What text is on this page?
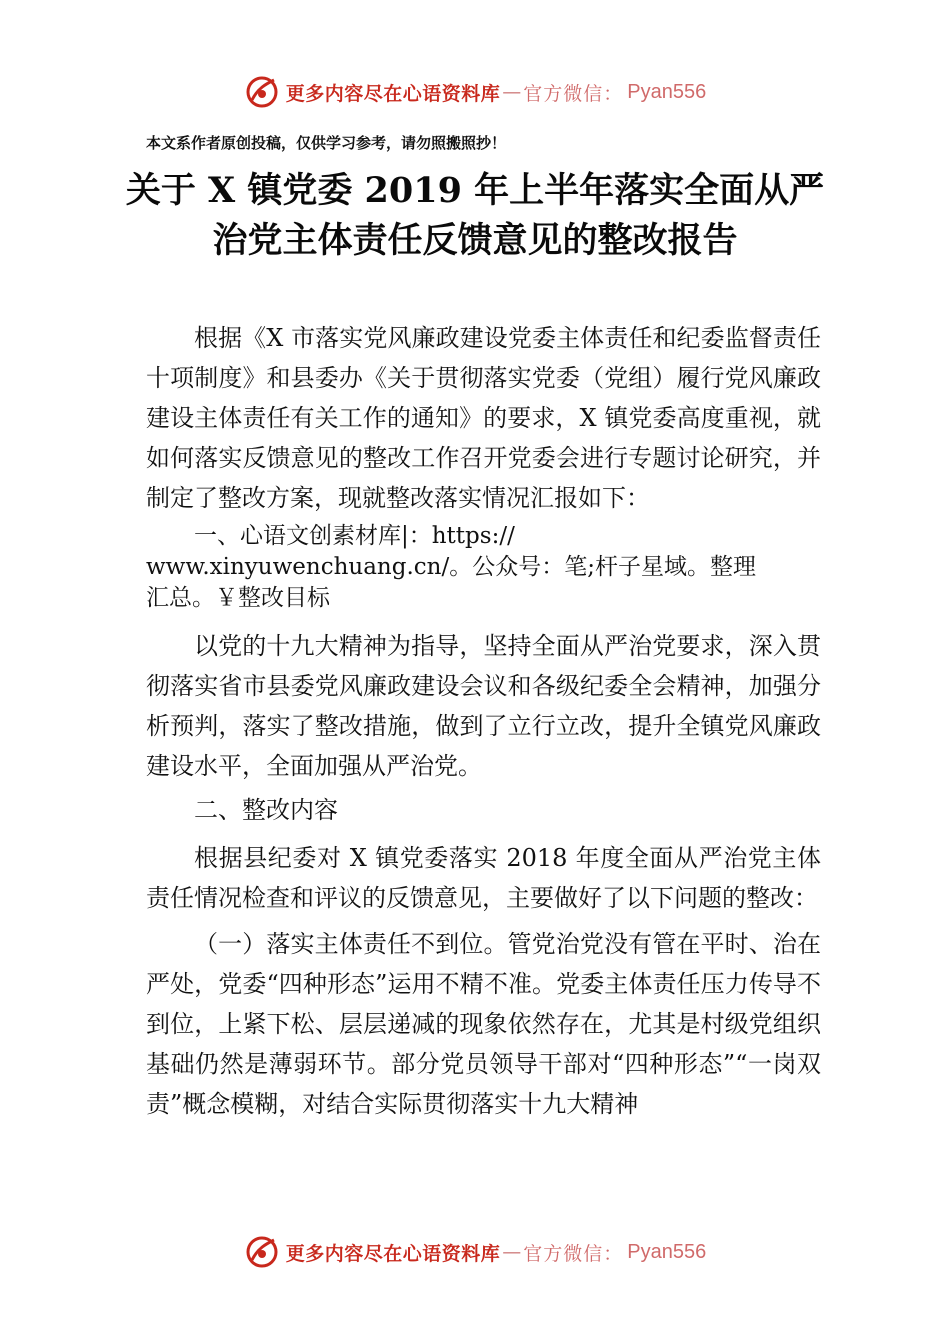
更多内容尽在心语资料库 — 官方微信： Pyan556
本文系作者原创投稿，仅供学习参考，请勿照搬照抄！
关于 X 镇党委 2019 年上半年落实全面从严
治党主体责任反馈意见的整改报告

根据《X 市落实党风廉政建设党委主体责任和纪委监督责任十项制度》和县委办《关于贯彻落实党委（党组）履行党风廉政建设主体责任有关工作的通知》的要求，X 镇党委高度重视，就如何落实反馈意见的整改工作召开党委会进行专题讨论研究，并制定了整改方案，现就整改落实情况汇报如下：

一、心语文创素材库|：https://
www.xinyuwenchuang.cn/。公众号：笔;杆子星域。整理
汇总。￥整改目标

以党的十九大精神为指导，坚持全面从严治党要求，深入贯彻落实省市县委党风廉政建设会议和各级纪委全会精神，加强分析预判，落实了整改措施，做到了立行立改，提升全镇党风廉政建设水平，全面加强从严治党。

二、整改内容

根据县纪委对 X 镇党委落实 2018 年度全面从严治党主体责任情况检查和评议的反馈意见，主要做好了以下问题的整改：

（一）落实主体责任不到位。管党治党没有管在平时、治在严处，党委“四种形态”运用不精不准。党委主体责任压力传导不到位，上紧下松、层层递减的现象依然存在，尤其是村级党组织基础仍然是薄弱环节。部分党员领导干部对“四种形态”“一岗双责”概念模糊，对结合实际贯彻落实十九大精神

更多内容尽在心语资料库 — 官方微信： Pyan556
